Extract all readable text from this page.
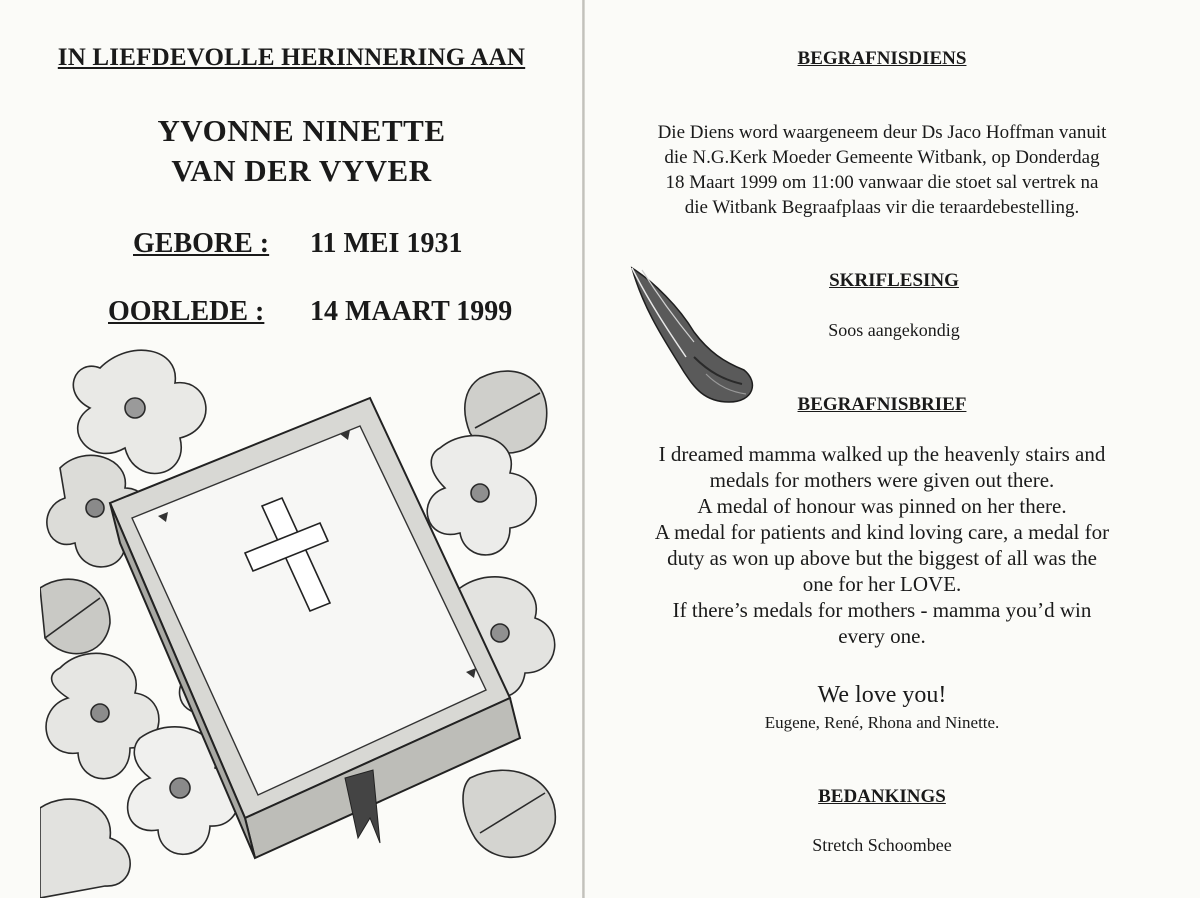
IN LIEFDEVOLLE HERINNERING AAN
YVONNE NINETTE
VAN DER VYVER
GEBORE : 11 MEI 1931
OORLEDE : 14 MAART 1999
BEGRAFNISDIENS
Die Diens word waargeneem deur Ds Jaco Hoffman vanuit
die N.G.Kerk Moeder Gemeente Witbank, op Donderdag
18 Maart 1999 om 11:00 vanwaar die stoet sal vertrek na
die Witbank Begraafplaas vir die teraardebestelling.
SKRIFLESING
Soos aangekondig
BEGRAFNISBRIEF
I dreamed mamma walked up the heavenly stairs and
medals for mothers were given out there.
A medal of honour was pinned on her there.
A medal for patients and kind loving care, a medal for
duty as won up above but the biggest of all was the
one for her LOVE.
If there’s medals for mothers - mamma you’d win
every one.
We love you!
Eugene, René, Rhona and Ninette.
BEDANKINGS
Stretch Schoombee
